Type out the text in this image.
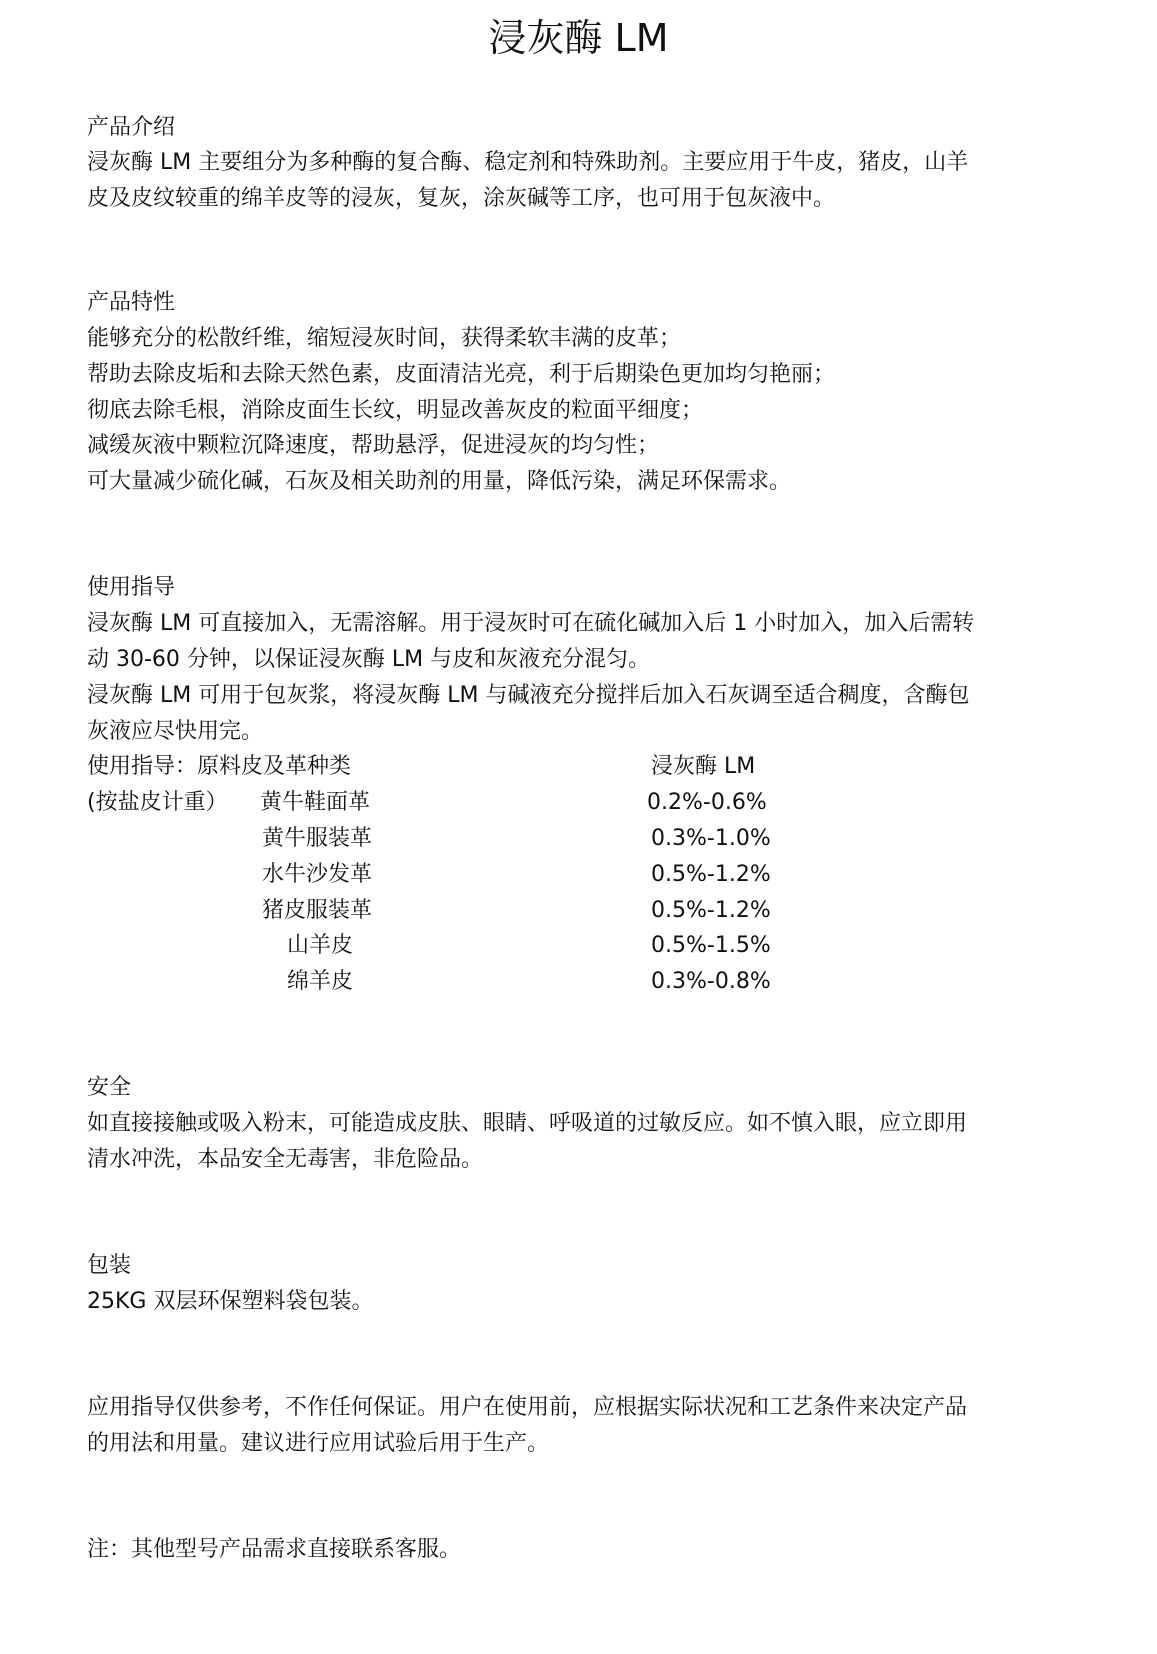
浸灰酶 LM
产品介绍
浸灰酶 LM 主要组分为多种酶的复合酶、稳定剂和特殊助剂。主要应用于牛皮，猪皮，山羊
皮及皮纹较重的绵羊皮等的浸灰，复灰，涂灰碱等工序，也可用于包灰液中。
产品特性
能够充分的松散纤维，缩短浸灰时间，获得柔软丰满的皮革；
帮助去除皮垢和去除天然色素，皮面清洁光亮，利于后期染色更加均匀艳丽；
彻底去除毛根，消除皮面生长纹，明显改善灰皮的粒面平细度；
减缓灰液中颗粒沉降速度，帮助悬浮，促进浸灰的均匀性；
可大量减少硫化碱，石灰及相关助剂的用量，降低污染，满足环保需求。
使用指导
浸灰酶 LM 可直接加入，无需溶解。用于浸灰时可在硫化碱加入后 1 小时加入，加入后需转
动 30-60 分钟，以保证浸灰酶 LM 与皮和灰液充分混匀。
浸灰酶 LM 可用于包灰浆，将浸灰酶 LM 与碱液充分搅拌后加入石灰调至适合稠度，含酶包
灰液应尽快用完。
使用指导：原料皮及革种类	浸灰酶 LM
(按盐皮计重） 黄牛鞋面革	0.2%-0.6%
黄牛服装革	0.3%-1.0%
水牛沙发革	0.5%-1.2%
猪皮服装革	0.5%-1.2%
山羊皮	0.5%-1.5%
绵羊皮	0.3%-0.8%
安全
如直接接触或吸入粉末，可能造成皮肤、眼睛、呼吸道的过敏反应。如不慎入眼，应立即用
清水冲洗，本品安全无毒害，非危险品。
包装
25KG 双层环保塑料袋包装。
应用指导仅供参考，不作任何保证。用户在使用前，应根据实际状况和工艺条件来决定产品
的用法和用量。建议进行应用试验后用于生产。
注：其他型号产品需求直接联系客服。
